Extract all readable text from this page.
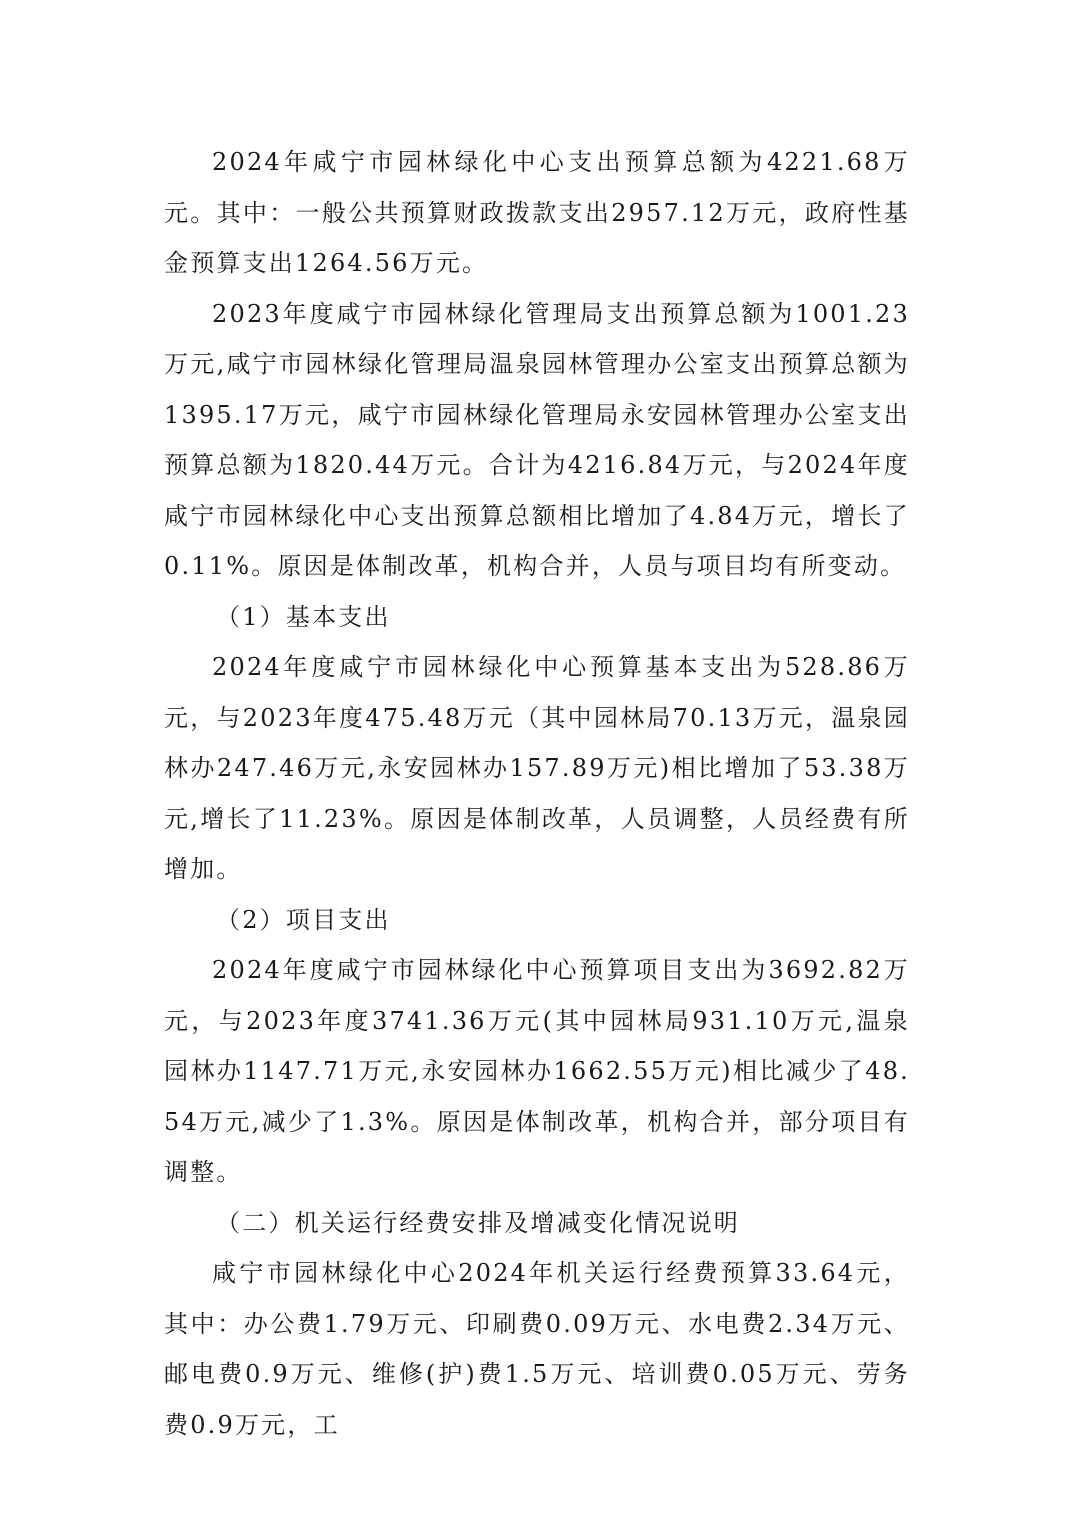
2024年咸宁市园林绿化中心支出预算总额为4221.68万元。其中：一般公共预算财政拨款支出2957.12万元，政府性基金预算支出1264.56万元。

2023年度咸宁市园林绿化管理局支出预算总额为1001.23万元,咸宁市园林绿化管理局温泉园林管理办公室支出预算总额为1395.17万元，咸宁市园林绿化管理局永安园林管理办公室支出预算总额为1820.44万元。合计为4216.84万元，与2024年度咸宁市园林绿化中心支出预算总额相比增加了4.84万元，增长了0.11%。原因是体制改革，机构合并，人员与项目均有所变动。

（1）基本支出

2024年度咸宁市园林绿化中心预算基本支出为528.86万元，与2023年度475.48万元（其中园林局70.13万元，温泉园林办247.46万元,永安园林办157.89万元)相比增加了53.38万元,增长了11.23%。原因是体制改革，人员调整，人员经费有所增加。

（2）项目支出

2024年度咸宁市园林绿化中心预算项目支出为3692.82万元，与2023年度3741.36万元(其中园林局931.10万元,温泉园林办1147.71万元,永安园林办1662.55万元)相比减少了48.54万元,减少了1.3%。原因是体制改革，机构合并，部分项目有调整。

（二）机关运行经费安排及增减变化情况说明

咸宁市园林绿化中心2024年机关运行经费预算33.64元，其中：办公费1.79万元、印刷费0.09万元、水电费2.34万元、邮电费0.9万元、维修(护)费1.5万元、培训费0.05万元、劳务费0.9万元，工
